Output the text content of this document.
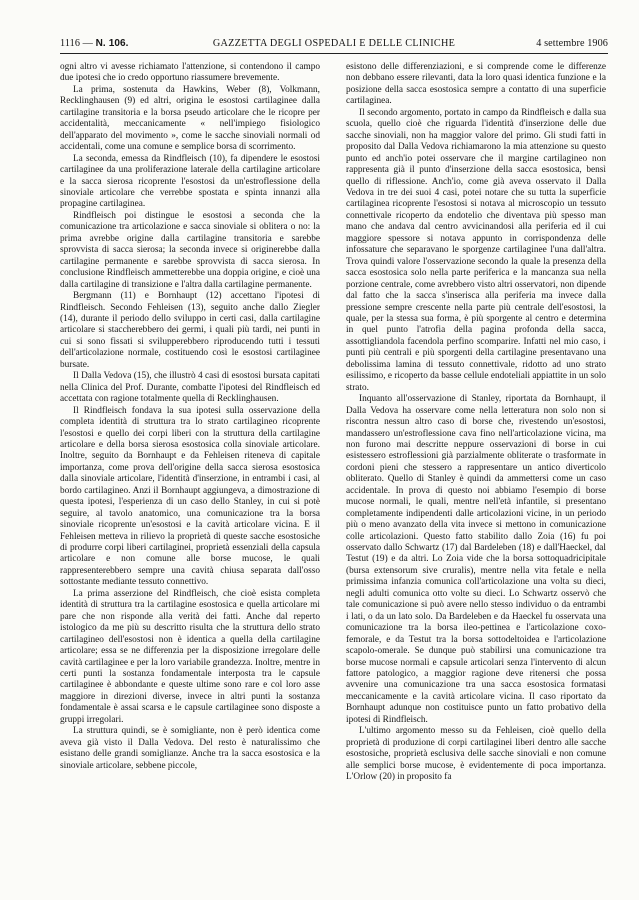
1116 — N. 106.	GAZZETTA DEGLI OSPEDALI E DELLE CLINICHE	4 settembre 1906

ogni altro vi avesse richiamato l'attenzione, si contendono il campo due ipotesi che io credo opportuno riassumere brevemente.

La prima, sostenuta da Hawkins, Weber (8), Volkmann, Recklinghausen (9) ed altri, origina le esostosi cartilaginee dalla cartilagine transitoria e la borsa pseudo articolare che le ricopre per accidentalità, meccanicamente « nell'impiego fisiologico dell'apparato del movimento », come le sacche sinoviali normali od accidentali, come una comune e semplice borsa di scorrimento.

La seconda, emessa da Rindfleisch (10), fa dipendere le esostosi cartilaginee da una proliferazione laterale della cartilagine articolare e la sacca sierosa ricoprente l'esostosi da un'estroflessione della sinoviale articolare che verrebbe spostata e spinta innanzi alla propagine cartilaginea.

Rindfleisch poi distingue le esostosi a seconda che la comunicazione tra articolazione e sacca sinoviale si oblitera o no: la prima avrebbe origine dalla cartilagine transitoria e sarebbe sprovvista di sacca sierosa; la seconda invece si originerebbe dalla cartilagine permanente e sarebbe sprovvista di sacca sierosa. In conclusione Rindfleisch ammetterebbe una doppia origine, e cioè una dalla cartilagine di transizione e l'altra dalla cartilagine permanente.

Bergmann (11) e Bornhaupt (12) accettano l'ipotesi di Rindfleisch. Secondo Fehleisen (13), seguito anche dallo Ziegler (14), durante il periodo dello sviluppo in certi casi, dalla cartilagine articolare si staccherebbero dei germi, i quali più tardi, nei punti in cui si sono fissati si svilupperebbero riproducendo tutti i tessuti dell'articolazione normale, costituendo così le esostosi cartilaginee bursate.

Il Dalla Vedova (15), che illustrò 4 casi di esostosi bursata capitati nella Clinica del Prof. Durante, combatte l'ipotesi del Rindfleisch ed accettata con ragione totalmente quella di Recklinghausen.

Il Rindfleisch fondava la sua ipotesi sulla osservazione della completa identità di struttura tra lo strato cartilagineo ricoprente l'esostosi e quello dei corpi liberi con la struttura della cartilagine articolare e della borsa sierosa esostosica colla sinoviale articolare. Inoltre, seguito da Bornhaupt e da Fehleisen riteneva di capitale importanza, come prova dell'origine della sacca sierosa esostosica dalla sinoviale articolare, l'identità d'inserzione, in entrambi i casi, al bordo cartilagineo. Anzi il Bornhaupt aggiungeva, a dimostrazione di questa ipotesi, l'esperienza di un caso dello Stanley, in cui si potè seguire, al tavolo anatomico, una comunicazione tra la borsa sinoviale ricoprente un'esostosi e la cavità articolare vicina. E il Fehleisen metteva in rilievo la proprietà di queste sacche esostosiche di produrre corpi liberi cartilaginei, proprietà essenziali della capsula articolare e non comune alle borse mucose, le quali rappresenterebbero sempre una cavità chiusa separata dall'osso sottostante mediante tessuto connettivo.

La prima asserzione del Rindfleisch, che cioè esista completa identità di struttura tra la cartilagine esostosica e quella articolare mi pare che non risponde alla verità dei fatti. Anche dal reperto istologico da me più su descritto risulta che la struttura dello strato cartilagineo dell'esostosi non è identica a quella della cartilagine articolare; essa se ne differenzia per la disposizione irregolare delle cavità cartilaginee e per la loro variabile grandezza. Inoltre, mentre in certi punti la sostanza fondamentale interposta tra le capsule cartilaginee è abbondante e queste ultime sono rare e col loro asse maggiore in direzioni diverse, invece in altri punti la sostanza fondamentale è assai scarsa e le capsule cartilaginee sono disposte a gruppi irregolari.

La struttura quindi, se è somigliante, non è però identica come aveva già visto il Dalla Vedova. Del resto è naturalissimo che esistano delle grandi somiglianze. Anche tra la sacca esostosica e la sinoviale articolare, sebbene piccole,

esistono delle differenziazioni, e si comprende come le differenze non debbano essere rilevanti, data la loro quasi identica funzione e la posizione della sacca esostosica sempre a contatto di una superficie cartilaginea.

Il secondo argomento, portato in campo da Rindfleisch e dalla sua scuola, quello cioè che riguarda l'identità d'inserzione delle due sacche sinoviali, non ha maggior valore del primo. Gli studi fatti in proposito dal Dalla Vedova richiamarono la mia attenzione su questo punto ed anch'io potei osservare che il margine cartilagineo non rappresenta già il punto d'inserzione della sacca esostosica, bensì quello di riflessione. Anch'io, come già aveva osservato il Dalla Vedova in tre dei suoi 4 casi, potei notare che su tutta la superficie cartilaginea ricoprente l'esostosi si notava al microscopio un tessuto connettivale ricoperto da endotelio che diventava più spesso man mano che andava dal centro avvicinandosi alla periferia ed il cui maggiore spessore si notava appunto in corrispondenza delle infossature che separavano le sporgenze cartilaginee l'una dall'altra. Trova quindi valore l'osservazione secondo la quale la presenza della sacca esostosica solo nella parte periferica e la mancanza sua nella porzione centrale, come avrebbero visto altri osservatori, non dipende dal fatto che la sacca s'inserisca alla periferia ma invece dalla pressione sempre crescente nella parte più centrale dell'esostosi, la quale, per la stessa sua forma, è più sporgente al centro e determina in quel punto l'atrofia della pagina profonda della sacca, assottigliandola facendola perfino scomparire. Infatti nel mio caso, i punti più centrali e più sporgenti della cartilagine presentavano una debolissima lamina di tessuto connettivale, ridotto ad uno strato esilissimo, e ricoperto da basse cellule endoteliali appiattite in un solo strato.

Inquanto all'osservazione di Stanley, riportata da Bornhaupt, il Dalla Vedova ha osservare come nella letteratura non solo non si riscontra nessun altro caso di borse che, rivestendo un'esostosi, mandassero un'estroflessione cava fino nell'articolazione vicina, ma non furono mai descritte neppure osservazioni di borse in cui esistessero estroflessioni già parzialmente obliterate o trasformate in cordoni pieni che stessero a rappresentare un antico diverticolo obliterato. Quello di Stanley è quindi da ammettersi come un caso accidentale. In prova di questo noi abbiamo l'esempio di borse mucose normali, le quali, mentre nell'età infantile, si presentano completamente indipendenti dalle articolazioni vicine, in un periodo più o meno avanzato della vita invece si mettono in comunicazione colle articolazioni. Questo fatto stabilito dallo Zoia (16) fu poi osservato dallo Schwartz (17) dal Bardeleben (18) e dall'Haeckel, dal Testut (19) e da altri. Lo Zoia vide che la borsa sottoquadricipitale (bursa extensorum sive cruralis), mentre nella vita fetale e nella primissima infanzia comunica coll'articolazione una volta su dieci, negli adulti comunica otto volte su dieci. Lo Schwartz osservò che tale comunicazione si può avere nello stesso individuo o da entrambi i lati, o da un lato solo. Da Bardeleben e da Haeckel fu osservata una comunicazione tra la borsa ileo-pettinea e l'articolazione coxo-femorale, e da Testut tra la borsa sottodeltoidea e l'articolazione scapolo-omerale. Se dunque può stabilirsi una comunicazione tra borse mucose normali e capsule articolari senza l'intervento di alcun fattore patologico, a maggior ragione deve ritenersi che possa avvenire una comunicazione tra una sacca esostosica formatasi meccanicamente e la cavità articolare vicina. Il caso riportato da Bornhaupt adunque non costituisce punto un fatto probativo della ipotesi di Rindfleisch.

L'ultimo argomento messo su da Fehleisen, cioè quello della proprietà di produzione di corpi cartilaginei liberi dentro alle sacche esostosiche, proprietà esclusiva delle sacche sinoviali e non comune alle semplici borse mucose, è evidentemente di poca importanza. L'Orlow (20) in proposito fa
